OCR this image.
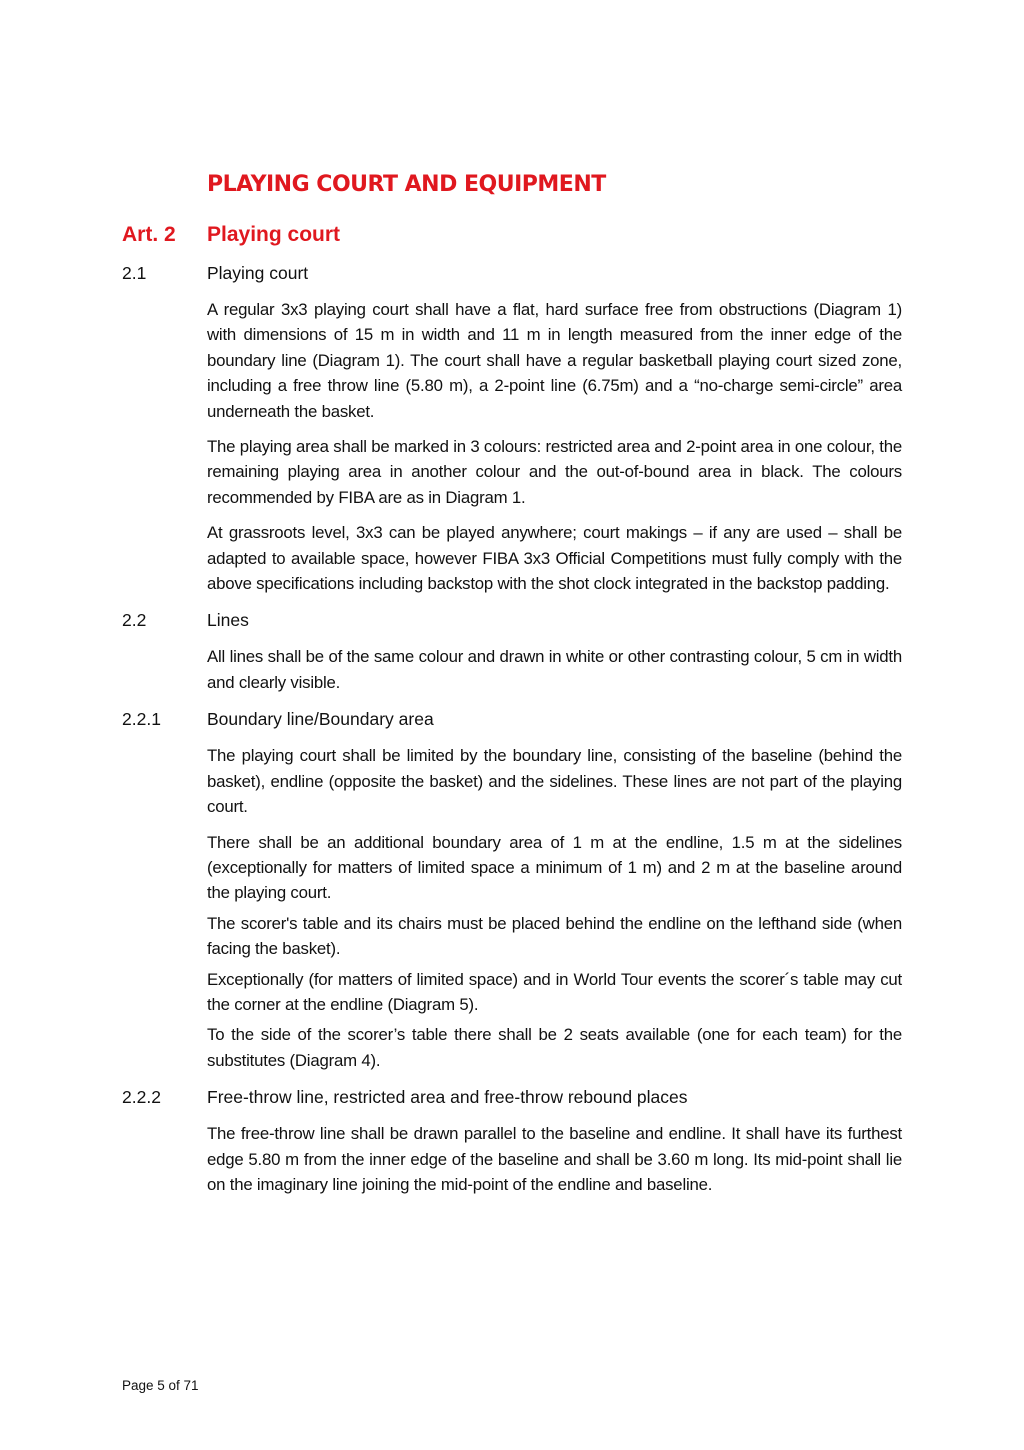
PLAYING COURT AND EQUIPMENT
Art. 2 Playing court
2.1	Playing court

A regular 3x3 playing court shall have a flat, hard surface free from obstructions (Diagram 1) with dimensions of 15 m in width and 11 m in length measured from the inner edge of the boundary line (Diagram 1). The court shall have a regular basketball playing court sized zone, including a free throw line (5.80 m), a 2-point line (6.75m) and a “no-charge semi-circle” area underneath the basket.

The playing area shall be marked in 3 colours: restricted area and 2-point area in one colour, the remaining playing area in another colour and the out-of-bound area in black. The colours recommended by FIBA are as in Diagram 1.

At grassroots level, 3x3 can be played anywhere; court makings – if any are used – shall be adapted to available space, however FIBA 3x3 Official Competitions must fully comply with the above specifications including backstop with the shot clock integrated in the backstop padding.

2.2	Lines

All lines shall be of the same colour and drawn in white or other contrasting colour, 5 cm in width and clearly visible.

2.2.1	Boundary line/Boundary area

The playing court shall be limited by the boundary line, consisting of the baseline (behind the basket), endline (opposite the basket) and the sidelines. These lines are not part of the playing court.

There shall be an additional boundary area of 1 m at the endline, 1.5 m at the sidelines (exceptionally for matters of limited space a minimum of 1 m) and 2 m at the baseline around the playing court.

The scorer's table and its chairs must be placed behind the endline on the lefthand side (when facing the basket).

Exceptionally (for matters of limited space) and in World Tour events the scorer´s table may cut the corner at the endline (Diagram 5).

To the side of the scorer’s table there shall be 2 seats available (one for each team) for the substitutes (Diagram 4).

2.2.2	Free-throw line, restricted area and free-throw rebound places

The free-throw line shall be drawn parallel to the baseline and endline. It shall have its furthest edge 5.80 m from the inner edge of the baseline and shall be 3.60 m long. Its mid-point shall lie on the imaginary line joining the mid-point of the endline and baseline.

Page 5 of 71
